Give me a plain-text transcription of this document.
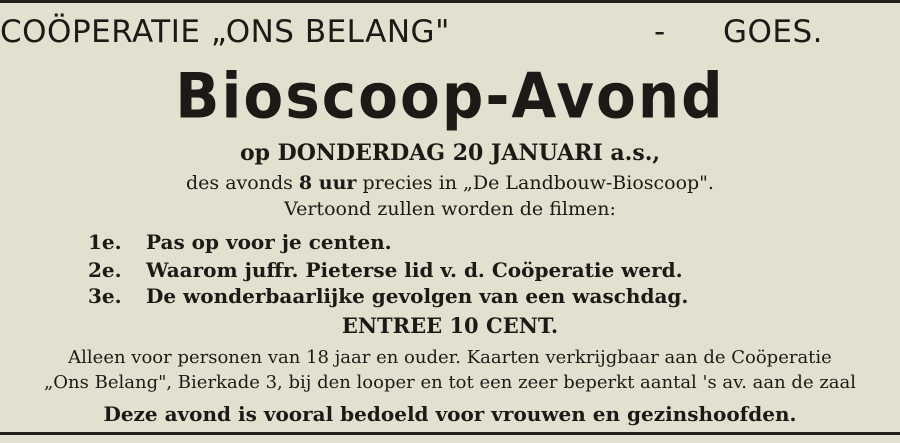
COÖPERATIE „ONS BELANG"	- GOES.
Bioscoop-Avond
op DONDERDAG 20 JANUARI a.s.,
des avonds 8 uur precies in „De Landbouw-Bioscoop".
Vertoond zullen worden de filmen:
1e. Pas op voor je centen.
2e. Waarom juffr. Pieterse lid v. d. Coöperatie werd.
3e. De wonderbaarlijke gevolgen van een waschdag.
ENTREE 10 CENT.
Alleen voor personen van 18 jaar en ouder. Kaarten verkrijgbaar aan de Coöperatie
„Ons Belang", Bierkade 3, bij den looper en tot een zeer beperkt aantal 's av. aan de zaal
Deze avond is vooral bedoeld voor vrouwen en gezinshoofden.
